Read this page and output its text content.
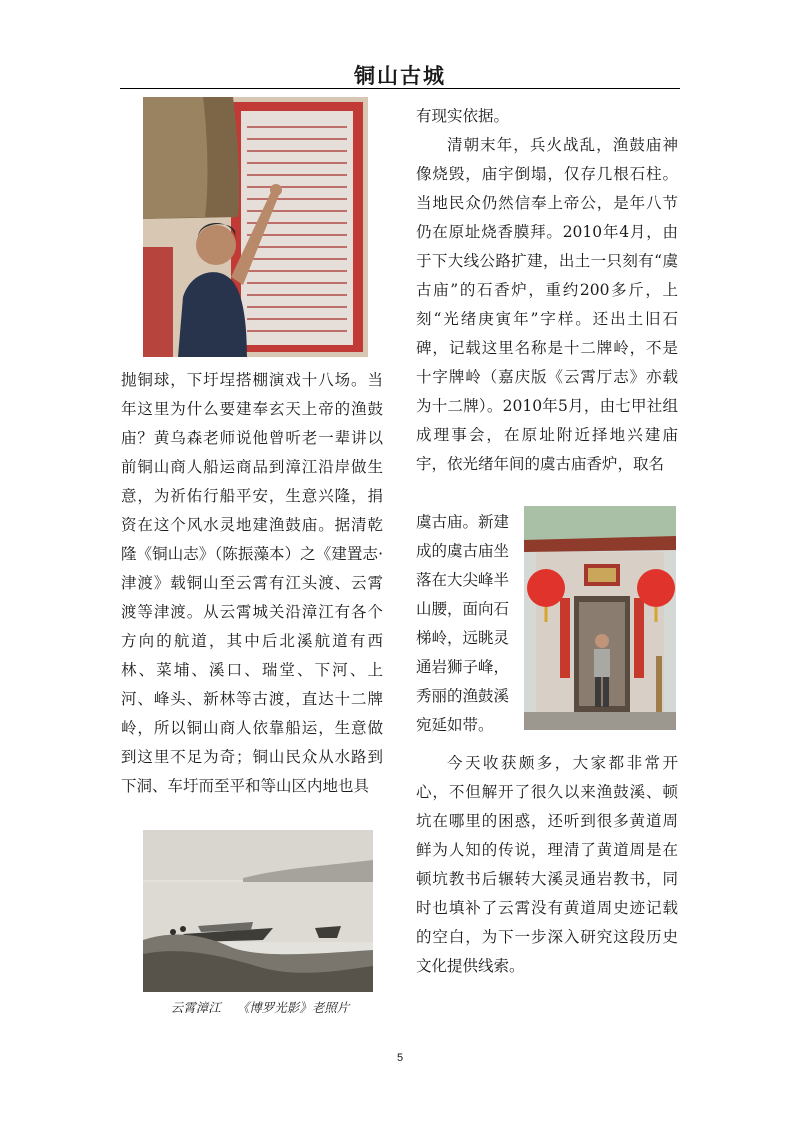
铜山古城

抛铜球，下圩埕搭棚演戏十八场。当年这里为什么要建奉玄天上帝的渔鼓庙？黄乌森老师说他曾听老一辈讲以前铜山商人船运商品到漳江沿岸做生意，为祈佑行船平安，生意兴隆，捐资在这个风水灵地建渔鼓庙。据清乾隆《铜山志》（陈振藻本）之《建置志·津渡》载铜山至云霄有江头渡、云霄渡等津渡。从云霄城关沿漳江有各个方向的航道，其中后北溪航道有西林、菜埔、溪口、瑞堂、下河、上河、峰头、新林等古渡，直达十二牌岭，所以铜山商人依靠船运，生意做到这里不足为奇；铜山民众从水路到下洞、车圩而至平和等山区内地也具

有现实依据。

清朝末年，兵火战乱，渔鼓庙神像烧毁，庙宇倒塌，仅存几根石柱。当地民众仍然信奉上帝公，是年八节仍在原址烧香膜拜。2010年4月，由于下大线公路扩建，出土一只刻有“虞古庙”的石香炉，重约200多斤，上刻“光绪庚寅年”字样。还出土旧石碑，记载这里名称是十二牌岭，不是十字牌岭（嘉庆版《云霄厅志》亦载为十二牌）。2010年5月，由七甲社组成理事会，在原址附近择地兴建庙宇，依光绪年间的虞古庙香炉，取名

虞古庙。新建成的虞古庙坐落在大尖峰半山腰，面向石梯岭，远眺灵通岩狮子峰，秀丽的渔鼓溪宛延如带。

今天收获颇多，大家都非常开心，不但解开了很久以来渔鼓溪、顿坑在哪里的困惑，还听到很多黄道周鲜为人知的传说，理清了黄道周是在顿坑教书后辗转大溪灵通岩教书，同时也填补了云霄没有黄道周史迹记载的空白，为下一步深入研究这段历史文化提供线索。

云霄漳江    《博罗光影》老照片
5
